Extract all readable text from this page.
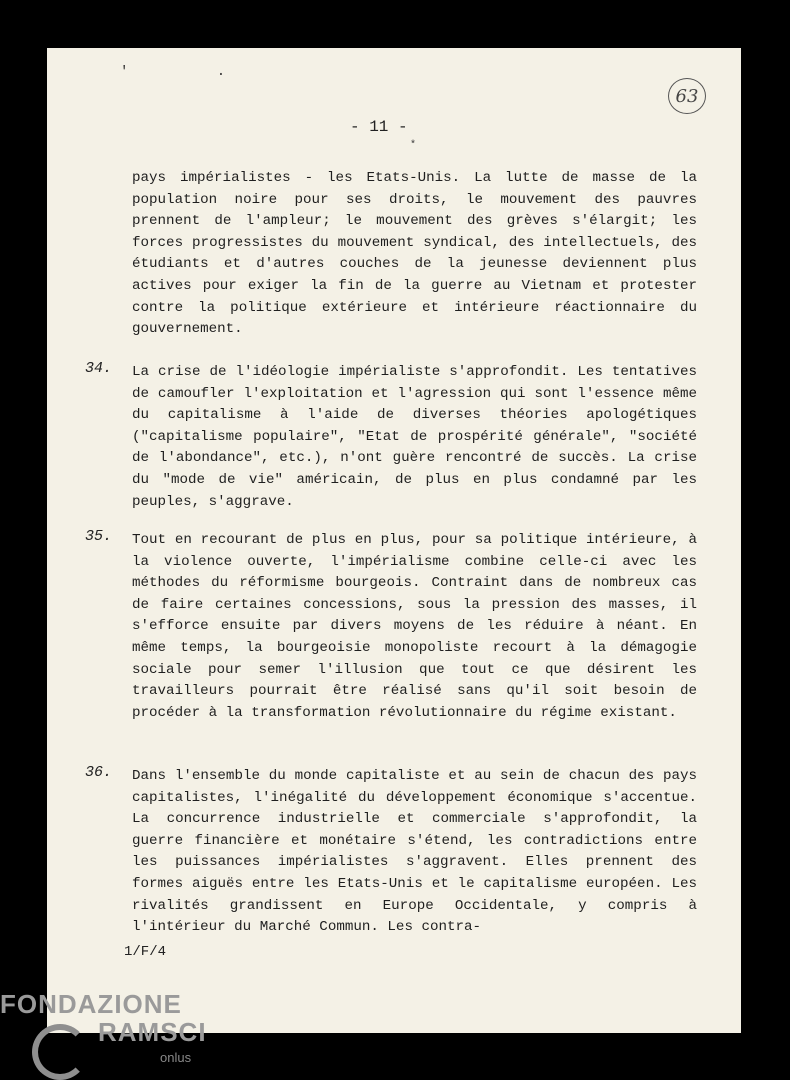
' .
63
- 11 -
*
pays impérialistes - les Etats-Unis. La lutte de masse de la population noire pour ses droits, le mouvement des pauvres prennent de l'ampleur; le mouvement des grèves s'élargit; les forces progressistes du mouvement syndical, des intellectuels, des étudiants et d'autres couches de la jeunesse deviennent plus actives pour exiger la fin de la guerre au Vietnam et protester contre la politique extérieure et intérieure réactionnaire du gouvernement.
34. La crise de l'idéologie impérialiste s'approfondit. Les tentatives de camoufler l'exploitation et l'agression qui sont l'essence même du capitalisme à l'aide de diverses théories apologétiques ("capitalisme populaire", "Etat de prospérité générale", "société de l'abondance", etc.), n'ont guère rencontré de succès. La crise du "mode de vie" américain, de plus en plus condamné par les peuples, s'aggrave.
35. Tout en recourant de plus en plus, pour sa politique intérieure, à la violence ouverte, l'impérialisme combine celle-ci avec les méthodes du réformisme bourgeois. Contraint dans de nombreux cas de faire certaines concessions, sous la pression des masses, il s'efforce ensuite par divers moyens de les réduire à néant. En même temps, la bourgeoisie monopoliste recourt à la démagogie sociale pour semer l'illusion que tout ce que désirent les travailleurs pourrait être réalisé sans qu'il soit besoin de procéder à la transformation révolutionnaire du régime existant.
36. Dans l'ensemble du monde capitaliste et au sein de chacun des pays capitalistes, l'inégalité du développement économique s'accentue. La concurrence industrielle et commerciale s'approfondit, la guerre financière et monétaire s'étend, les contradictions entre les puissances impérialistes s'aggravent. Elles prennent des formes aiguës entre les Etats-Unis et le capitalisme européen. Les rivalités grandissent en Europe Occidentale, y compris à l'intérieur du Marché Commun. Les contra-
1/F/4
FONDAZIONE
RAMSCI
onlus
